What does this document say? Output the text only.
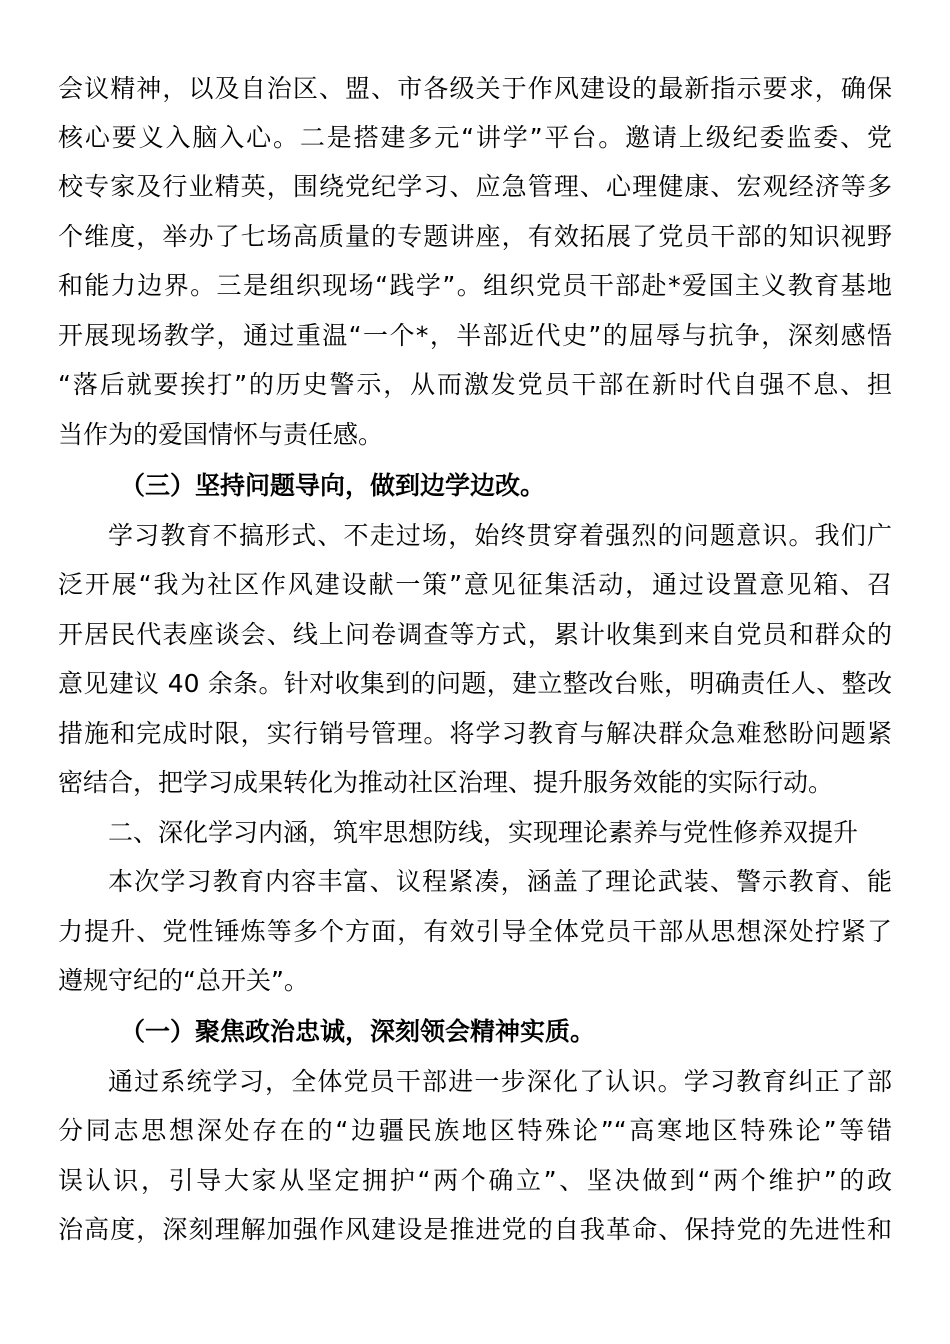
会议精神，以及自治区、盟、市各级关于作风建设的最新指示要求，确保
核心要义入脑入心。二是搭建多元“讲学”平台。邀请上级纪委监委、党
校专家及行业精英，围绕党纪学习、应急管理、心理健康、宏观经济等多
个维度，举办了七场高质量的专题讲座，有效拓展了党员干部的知识视野
和能力边界。三是组织现场“践学”。组织党员干部赴*爱国主义教育基地
开展现场教学，通过重温“一个*，半部近代史”的屈辱与抗争，深刻感悟
“落后就要挨打”的历史警示，从而激发党员干部在新时代自强不息、担
当作为的爱国情怀与责任感。
（三）坚持问题导向，做到边学边改。
学习教育不搞形式、不走过场，始终贯穿着强烈的问题意识。我们广
泛开展“我为社区作风建设献一策”意见征集活动，通过设置意见箱、召
开居民代表座谈会、线上问卷调查等方式，累计收集到来自党员和群众的
意见建议 40 余条。针对收集到的问题，建立整改台账，明确责任人、整改
措施和完成时限，实行销号管理。将学习教育与解决群众急难愁盼问题紧
密结合，把学习成果转化为推动社区治理、提升服务效能的实际行动。
二、深化学习内涵，筑牢思想防线，实现理论素养与党性修养双提升
本次学习教育内容丰富、议程紧凑，涵盖了理论武装、警示教育、能
力提升、党性锤炼等多个方面，有效引导全体党员干部从思想深处拧紧了
遵规守纪的“总开关”。
（一）聚焦政治忠诚，深刻领会精神实质。
通过系统学习，全体党员干部进一步深化了认识。学习教育纠正了部
分同志思想深处存在的“边疆民族地区特殊论”“高寒地区特殊论”等错
误认识，引导大家从坚定拥护“两个确立”、坚决做到“两个维护”的政
治高度，深刻理解加强作风建设是推进党的自我革命、保持党的先进性和
